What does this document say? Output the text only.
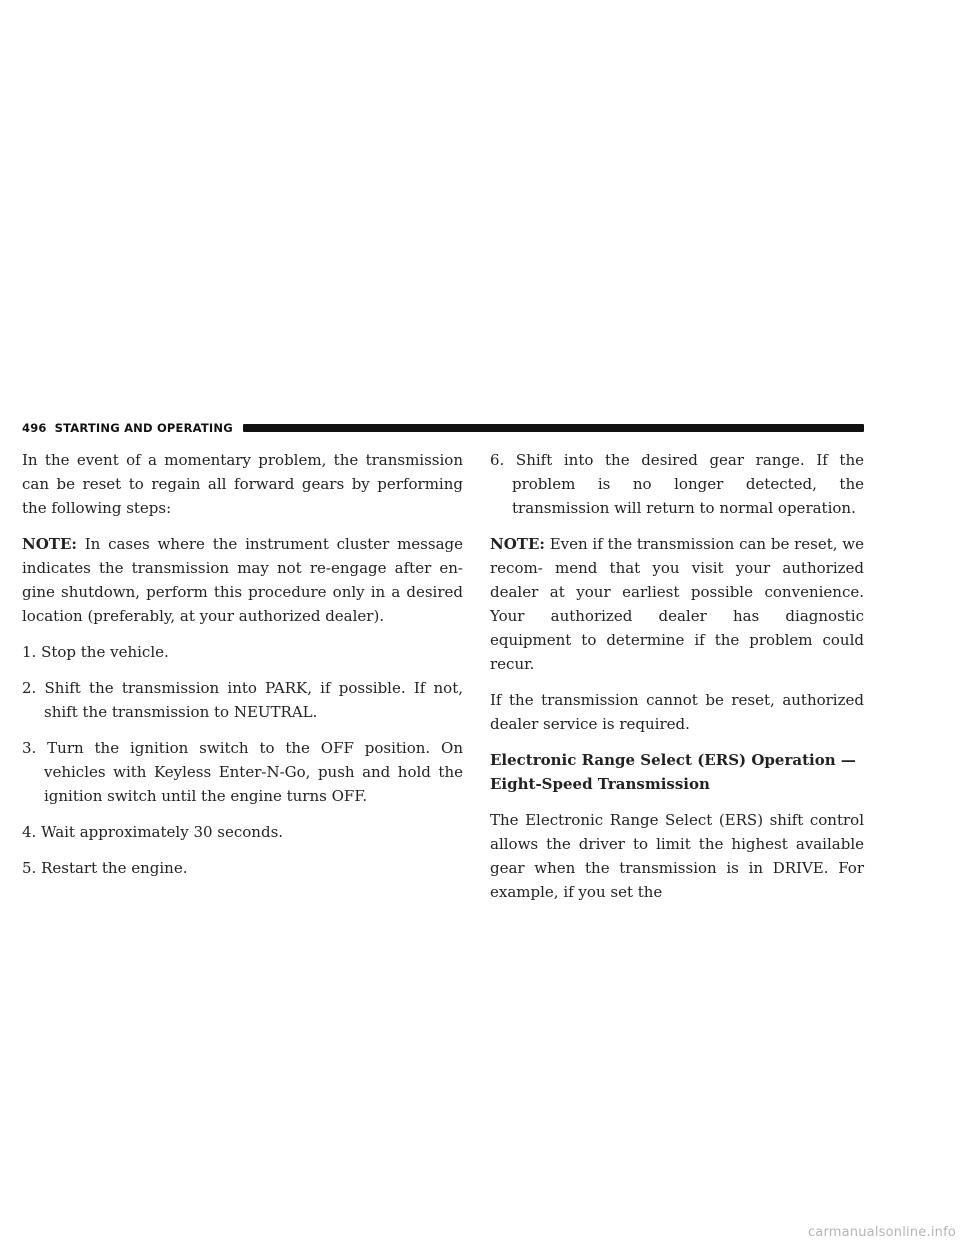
496 STARTING AND OPERATING

In the event of a momentary problem, the transmission can be reset to regain all forward gears by performing the following steps:

NOTE: In cases where the instrument cluster message indicates the transmission may not re-engage after en- gine shutdown, perform this procedure only in a desired location (preferably, at your authorized dealer).

1. Stop the vehicle.

2. Shift the transmission into PARK, if possible. If not, shift the transmission to NEUTRAL.

3. Turn the ignition switch to the OFF position. On vehicles with Keyless Enter-N-Go, push and hold the ignition switch until the engine turns OFF.

4. Wait approximately 30 seconds.

5. Restart the engine.

6. Shift into the desired gear range. If the problem is no longer detected, the transmission will return to normal operation.

NOTE: Even if the transmission can be reset, we recom- mend that you visit your authorized dealer at your earliest possible convenience. Your authorized dealer has diagnostic equipment to determine if the problem could recur.

If the transmission cannot be reset, authorized dealer service is required.

Electronic Range Select (ERS) Operation —
Eight-Speed Transmission

The Electronic Range Select (ERS) shift control allows the driver to limit the highest available gear when the transmission is in DRIVE. For example, if you set the

carmanualsonline.info
